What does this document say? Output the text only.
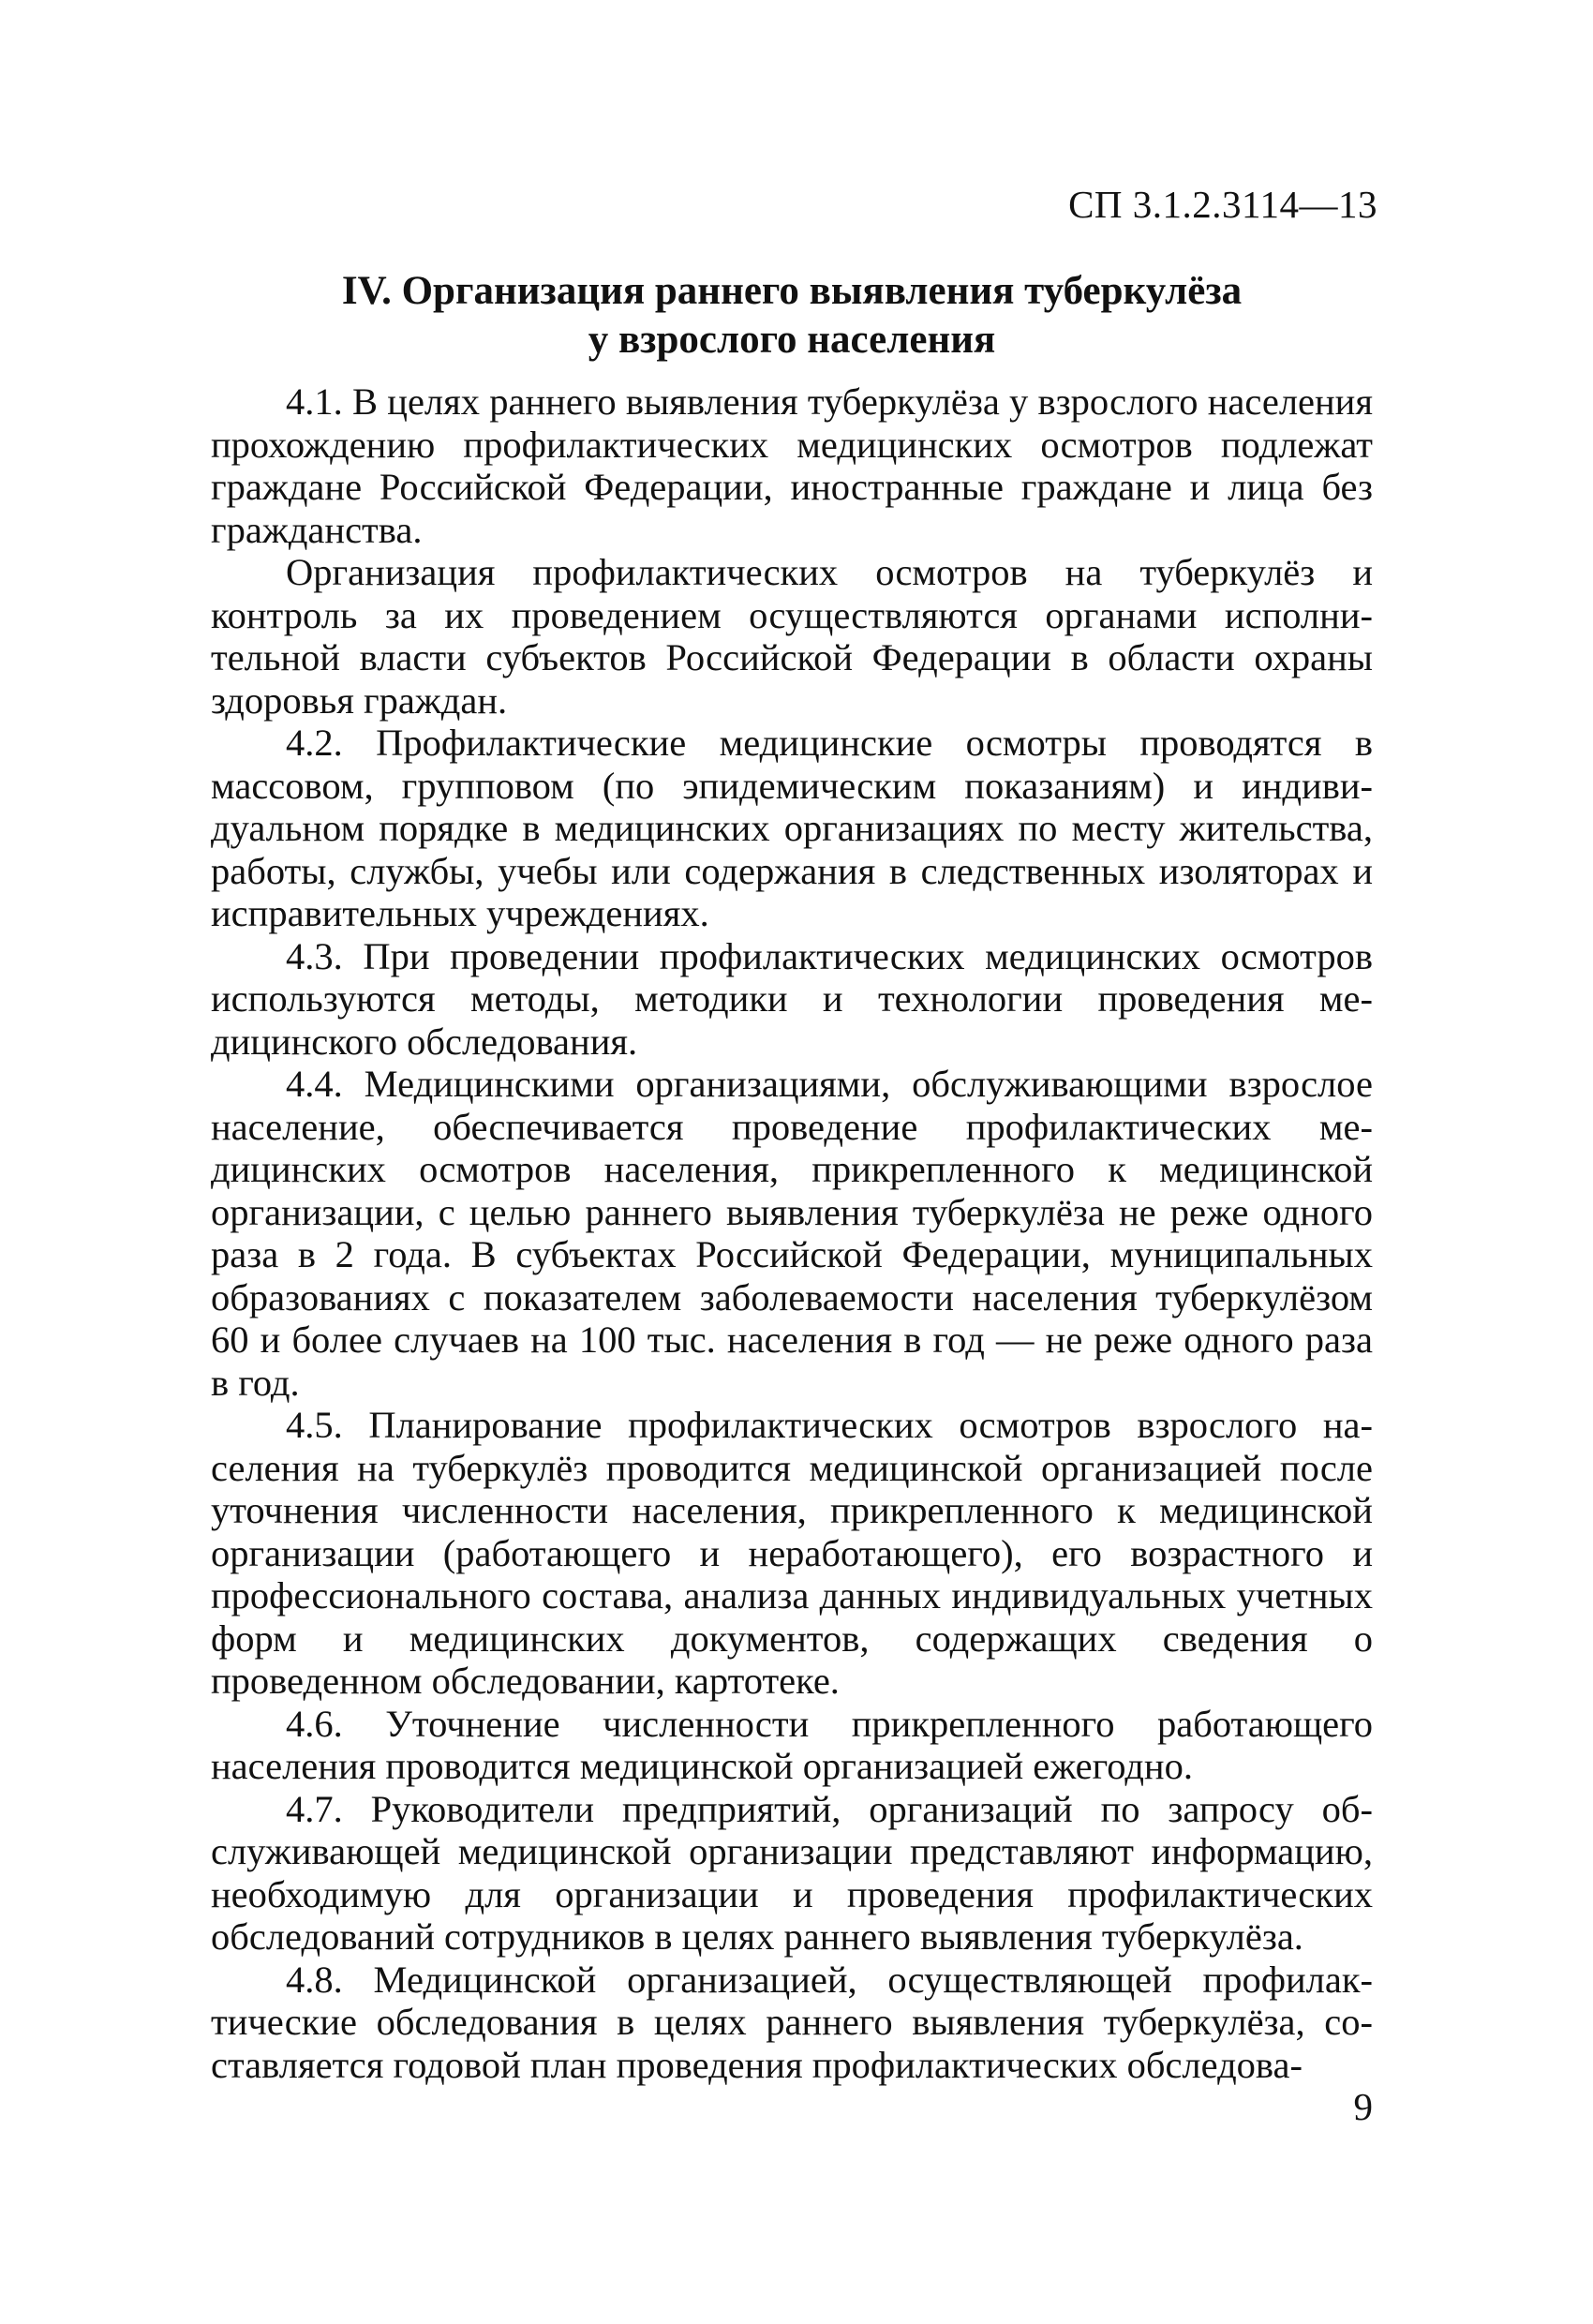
СП 3.1.2.3114—13
IV. Организация раннего выявления туберкулёза
у взрослого населения

4.1. В целях раннего выявления туберкулёза у взрослого населения прохождению профилактических медицинских осмотров подлежат граждане Российской Федерации, иностранные граждане и лица без гражданства.

Организация профилактических осмотров на туберкулёз и контроль за их проведением осуществляются органами исполнительной власти субъектов Российской Федерации в области охраны здоровья граждан.

4.2. Профилактические медицинские осмотры проводятся в массовом, групповом (по эпидемическим показаниям) и индивидуальном порядке в медицинских организациях по месту жительства, работы, службы, учебы или содержания в следственных изоляторах и исправительных учреждениях.

4.3. При проведении профилактических медицинских осмотров используются методы, методики и технологии проведения медицинского обследования.

4.4. Медицинскими организациями, обслуживающими взрослое население, обеспечивается проведение профилактических медицинских осмотров населения, прикрепленного к медицинской организации, с целью раннего выявления туберкулёза не реже одного раза в 2 года. В субъектах Российской Федерации, муниципальных образованиях с показателем заболеваемости населения туберкулёзом 60 и более случаев на 100 тыс. населения в год — не реже одного раза в год.

4.5. Планирование профилактических осмотров взрослого населения на туберкулёз проводится медицинской организацией после уточнения численности населения, прикрепленного к медицинской организации (работающего и неработающего), его возрастного и профессионального состава, анализа данных индивидуальных учетных форм и медицинских документов, содержащих сведения о проведенном обследовании, картотеке.

4.6. Уточнение численности прикрепленного работающего населения проводится медицинской организацией ежегодно.

4.7. Руководители предприятий, организаций по запросу обслуживающей медицинской организации представляют информацию, необходимую для организации и проведения профилактических обследований сотрудников в целях раннего выявления туберкулёза.

4.8. Медицинской организацией, осуществляющей профилактические обследования в целях раннего выявления туберкулёза, составляется годовой план проведения профилактических обследова-

9
